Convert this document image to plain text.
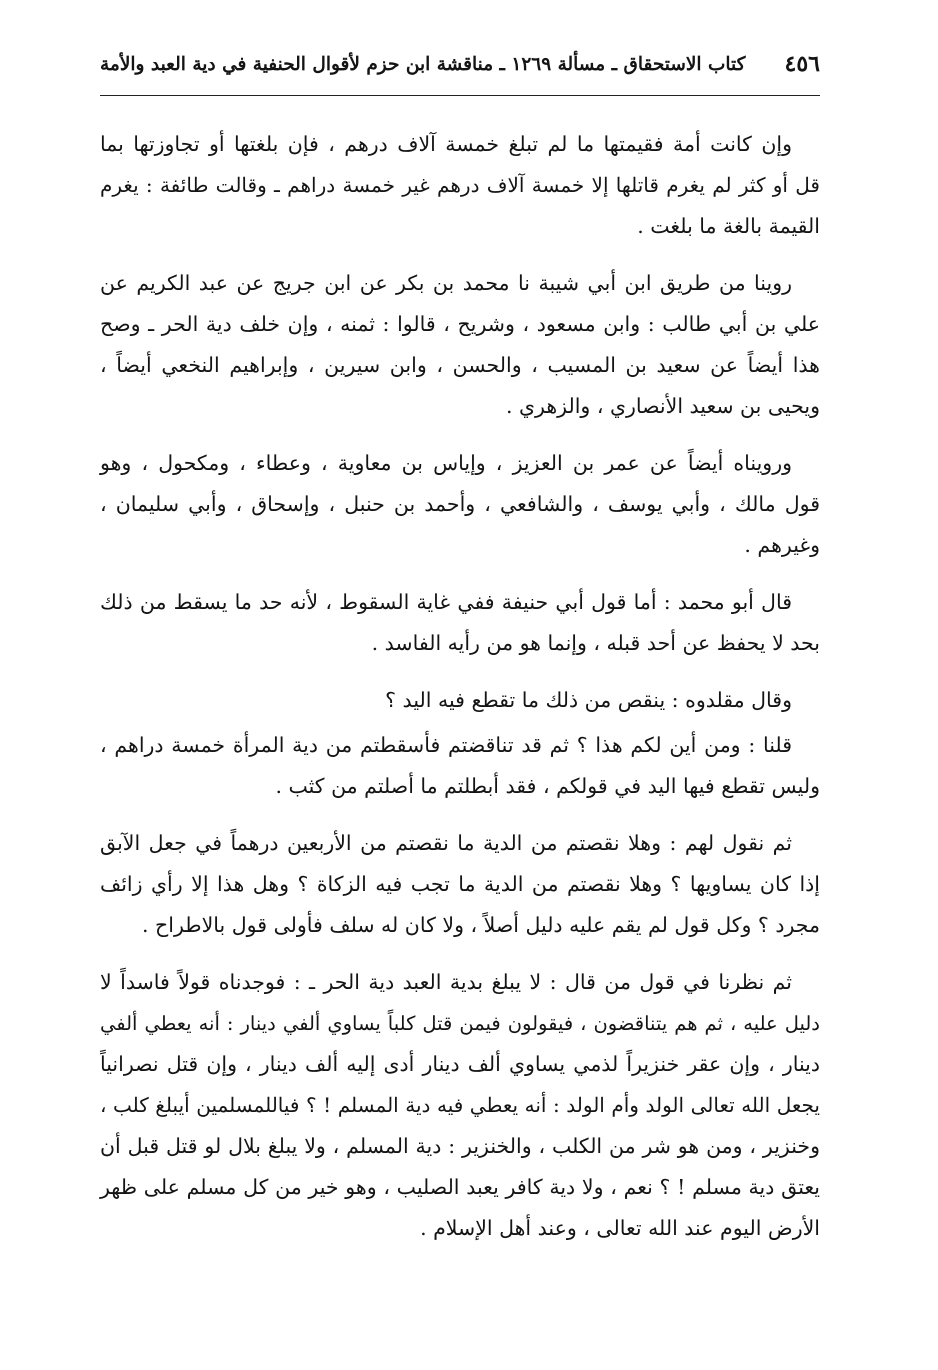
٤٥٦
كتاب الاستحقاق ـ مسألة ١٢٦٩ ـ مناقشة ابن حزم لأقوال الحنفية في دية العبد والأمة
وإن كانت أمة فقيمتها ما لم تبلغ خمسة آلاف درهم ، فإن بلغتها أو تجاوزتها بما
قل أو كثر لم يغرم قاتلها إلا خمسة آلاف درهم غير خمسة دراهم ـ وقالت طائفة : يغرم
القيمة بالغة ما بلغت .
روينا من طريق ابن أبي شيبة نا محمد بن بكر عن ابن جريج عن عبد الكريم عن
علي بن أبي طالب : وابن مسعود ، وشريح ، قالوا : ثمنه ، وإن خلف دية الحر ـ وصح
هذا أيضاً عن سعيد بن المسيب ، والحسن ، وابن سيرين ، وإبراهيم النخعي أيضاً ،
ويحيى بن سعيد الأنصاري ، والزهري .
ورويناه أيضاً عن عمر بن العزيز ، وإياس بن معاوية ، وعطاء ، ومكحول ، وهو
قول مالك ، وأبي يوسف ، والشافعي ، وأحمد بن حنبل ، وإسحاق ، وأبي سليمان ،
وغيرهم .
قال أبو محمد : أما قول أبي حنيفة ففي غاية السقوط ، لأنه حد ما يسقط من ذلك
بحد لا يحفظ عن أحد قبله ، وإنما هو من رأيه الفاسد .
وقال مقلدوه : ينقص من ذلك ما تقطع فيه اليد ؟
قلنا : ومن أين لكم هذا ؟ ثم قد تناقضتم فأسقطتم من دية المرأة خمسة دراهم ،
وليس تقطع فيها اليد في قولكم ، فقد أبطلتم ما أصلتم من كثب .
ثم نقول لهم : وهلا نقصتم من الدية ما نقصتم من الأربعين درهماً في جعل الآبق
إذا كان يساويها ؟ وهلا نقصتم من الدية ما تجب فيه الزكاة ؟ وهل هذا إلا رأي زائف
مجرد ؟ وكل قول لم يقم عليه دليل أصلاً ، ولا كان له سلف فأولى قول بالاطراح .
ثم نظرنا في قول من قال : لا يبلغ بدية العبد دية الحر ـ : فوجدناه قولاً فاسداً لا
دليل عليه ، ثم هم يتناقضون ، فيقولون فيمن قتل كلباً يساوي ألفي دينار : أنه يعطي ألفي
دينار ، وإن عقر خنزيراً لذمي يساوي ألف دينار أدى إليه ألف دينار ، وإن قتل نصرانياً
يجعل الله تعالى الولد وأم الولد : أنه يعطي فيه دية المسلم ! ؟ فياللمسلمين أيبلغ كلب ،
وخنزير ، ومن هو شر من الكلب ، والخنزير : دية المسلم ، ولا يبلغ بلال لو قتل قبل أن
يعتق دية مسلم ! ؟ نعم ، ولا دية كافر يعبد الصليب ، وهو خير من كل مسلم على ظهر
الأرض اليوم عند الله تعالى ، وعند أهل الإسلام .
